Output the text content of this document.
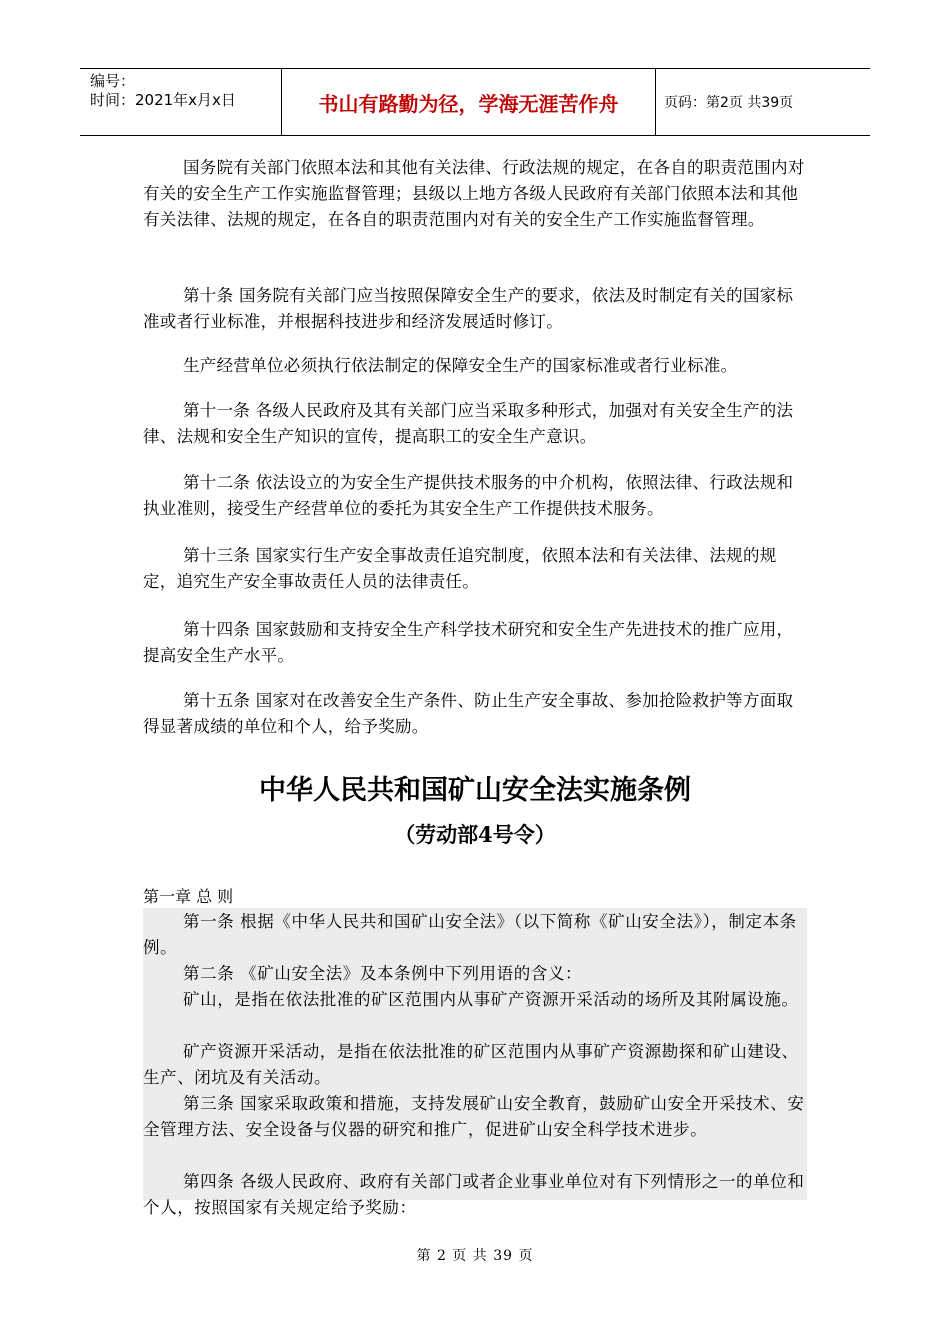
编号：
时间：2021年x月x日	书山有路勤为径，学海无涯苦作舟	页码：第2页 共39页

国务院有关部门依照本法和其他有关法律、行政法规的规定，在各自的职责范围内对有关的安全生产工作实施监督管理；县级以上地方各级人民政府有关部门依照本法和其他有关法律、法规的规定，在各自的职责范围内对有关的安全生产工作实施监督管理。

第十条 国务院有关部门应当按照保障安全生产的要求，依法及时制定有关的国家标准或者行业标准，并根据科技进步和经济发展适时修订。

生产经营单位必须执行依法制定的保障安全生产的国家标准或者行业标准。

第十一条 各级人民政府及其有关部门应当采取多种形式，加强对有关安全生产的法律、法规和安全生产知识的宣传，提高职工的安全生产意识。

第十二条 依法设立的为安全生产提供技术服务的中介机构，依照法律、行政法规和执业准则，接受生产经营单位的委托为其安全生产工作提供技术服务。

第十三条 国家实行生产安全事故责任追究制度，依照本法和有关法律、法规的规定，追究生产安全事故责任人员的法律责任。

第十四条 国家鼓励和支持安全生产科学技术研究和安全生产先进技术的推广应用，提高安全生产水平。

第十五条 国家对在改善安全生产条件、防止生产安全事故、参加抢险救护等方面取得显著成绩的单位和个人，给予奖励。

中华人民共和国矿山安全法实施条例
（劳动部4号令）

第一章 总 则

第一条 根据《中华人民共和国矿山安全法》（以下简称《矿山安全法》），制定本条例。

第二条 《矿山安全法》及本条例中下列用语的含义：

矿山，是指在依法批准的矿区范围内从事矿产资源开采活动的场所及其附属设施。

矿产资源开采活动，是指在依法批准的矿区范围内从事矿产资源勘探和矿山建设、生产、闭坑及有关活动。

第三条 国家采取政策和措施，支持发展矿山安全教育，鼓励矿山安全开采技术、安全管理方法、安全设备与仪器的研究和推广，促进矿山安全科学技术进步。

第四条 各级人民政府、政府有关部门或者企业事业单位对有下列情形之一的单位和个人，按照国家有关规定给予奖励：

第 2 页 共 39 页
